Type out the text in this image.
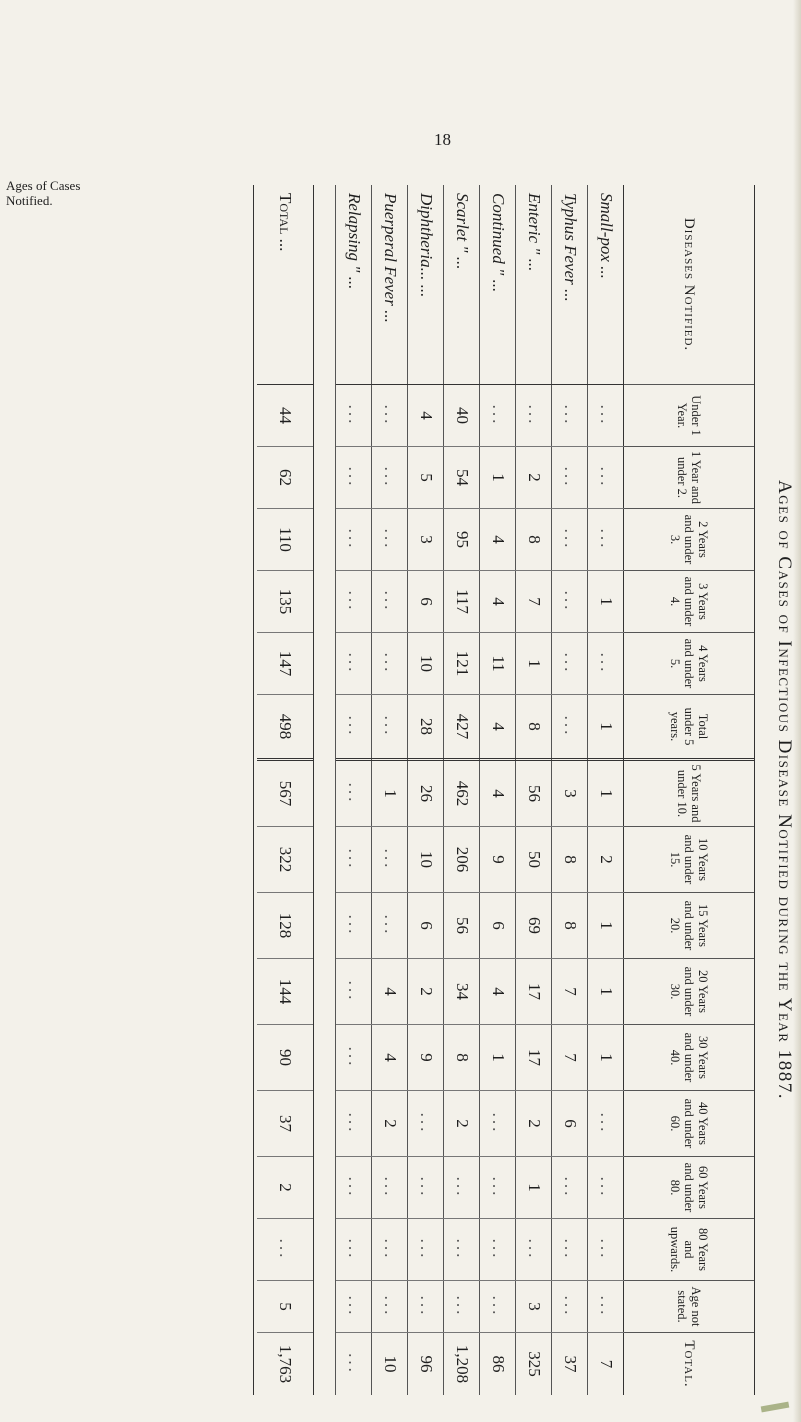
18
Ages of Cases
Notified.
Ages of Cases of Infectious Disease Notified during the Year 1887.
Diseases Notified.
Under 1 Year.
1 Year and under 2.
2 Years and under 3.
3 Years and under 4.
4 Years and under 5.
Total under 5 years.
5 Years and under 10.
10 Years and under 15.
15 Years and under 20.
20 Years and under 30.
30 Years and under 40.
40 Years and under 60.
60 Years and under 80.
80 Years and upwards.
Age not stated.
Total.
Small-pox ...
...
...
...
1
...
1
1
2
1
1
1
...
...
...
...
7
Typhus Fever ...
...
...
...
...
...
...
3
8
8
7
7
6
...
...
...
37
Enteric " ...
...
2
8
7
1
8
56
50
69
17
17
2
1
...
3
325
Continued " ...
...
1
4
4
11
4
4
9
6
4
1
...
...
...
...
86
Scarlet " ...
40
54
95
117
121
427
462
206
56
34
8
2
...
...
...
1,208
Diphtheria... ...
4
5
3
6
10
28
26
10
6
2
9
...
...
...
...
96
Puerperal Fever ...
...
...
...
...
...
...
1
...
...
4
4
2
...
...
...
10
Relapsing " ...
...
...
...
...
...
...
...
...
...
...
...
...
...
...
...
...
Total ...
44
62
110
135
147
498
567
322
128
144
90
37
2
...
5
1,763
